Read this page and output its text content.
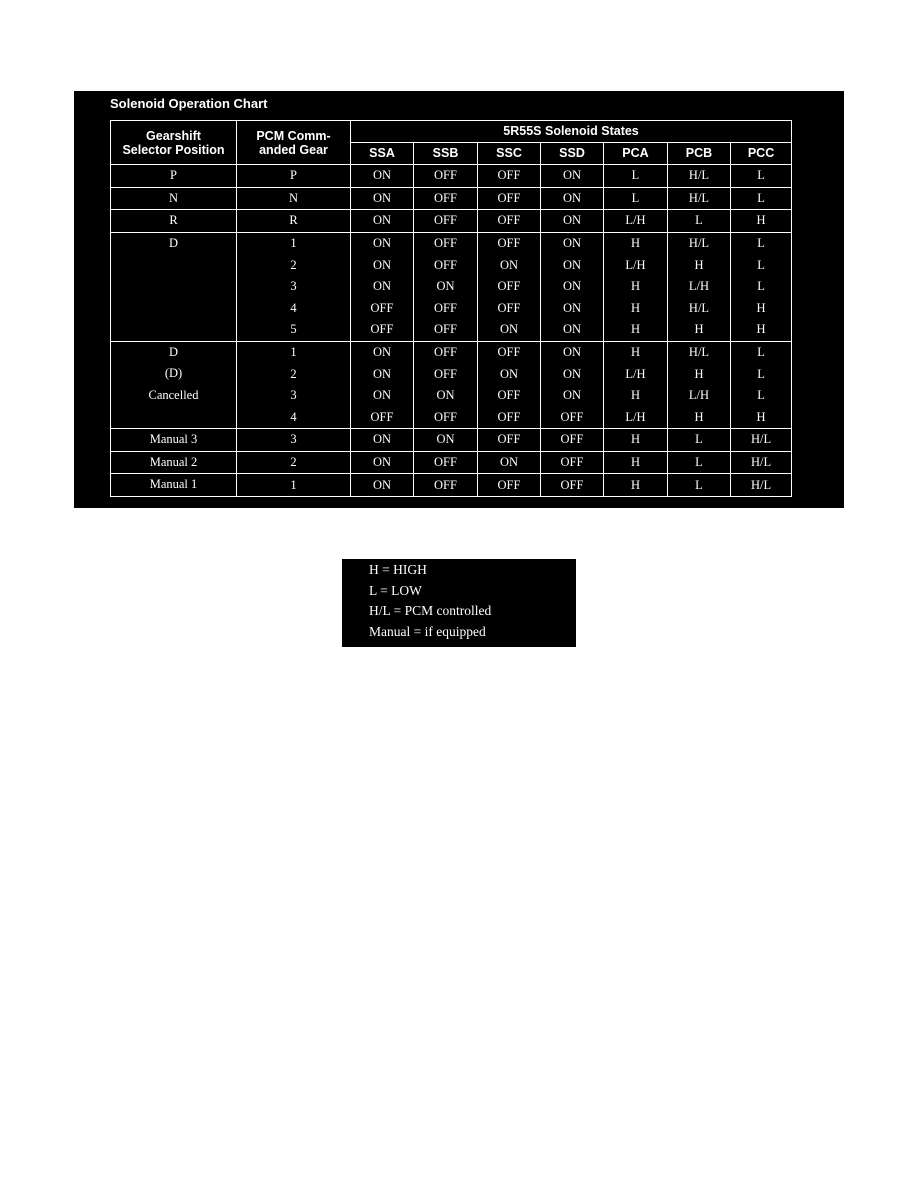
Solenoid Operation Chart
Gearshift
Selector Position	PCM Comm-
anded Gear	5R55S Solenoid States						
		SSA	SSB	SSC	SSD	PCA	PCB	PCC

P	P	ON	OFF	OFF	ON	L	H/L	L

N	N	ON	OFF	OFF	ON	L	H/L	L

R	R	ON	OFF	OFF	ON	L/H	L	H

D	1	ON	OFF	OFF	ON	H	H/L	L
	2	ON	OFF	ON	ON	L/H	H	L
	3	ON	ON	OFF	ON	H	L/H	L
	4	OFF	OFF	OFF	ON	H	H/L	H
	5	OFF	OFF	ON	ON	H	H	H

D
(D)
Cancelled	1	ON	OFF	OFF	ON	H	H/L	L
	2	ON	OFF	ON	ON	L/H	H	L
	3	ON	ON	OFF	ON	H	L/H	L
	4	OFF	OFF	OFF	OFF	L/H	H	H

Manual 3	3	ON	ON	OFF	OFF	H	L	H/L

Manual 2	2	ON	OFF	ON	OFF	H	L	H/L

Manual 1	1	ON	OFF	OFF	OFF	H	L	H/L
H = HIGH
L = LOW
H/L = PCM controlled
Manual = if equipped
